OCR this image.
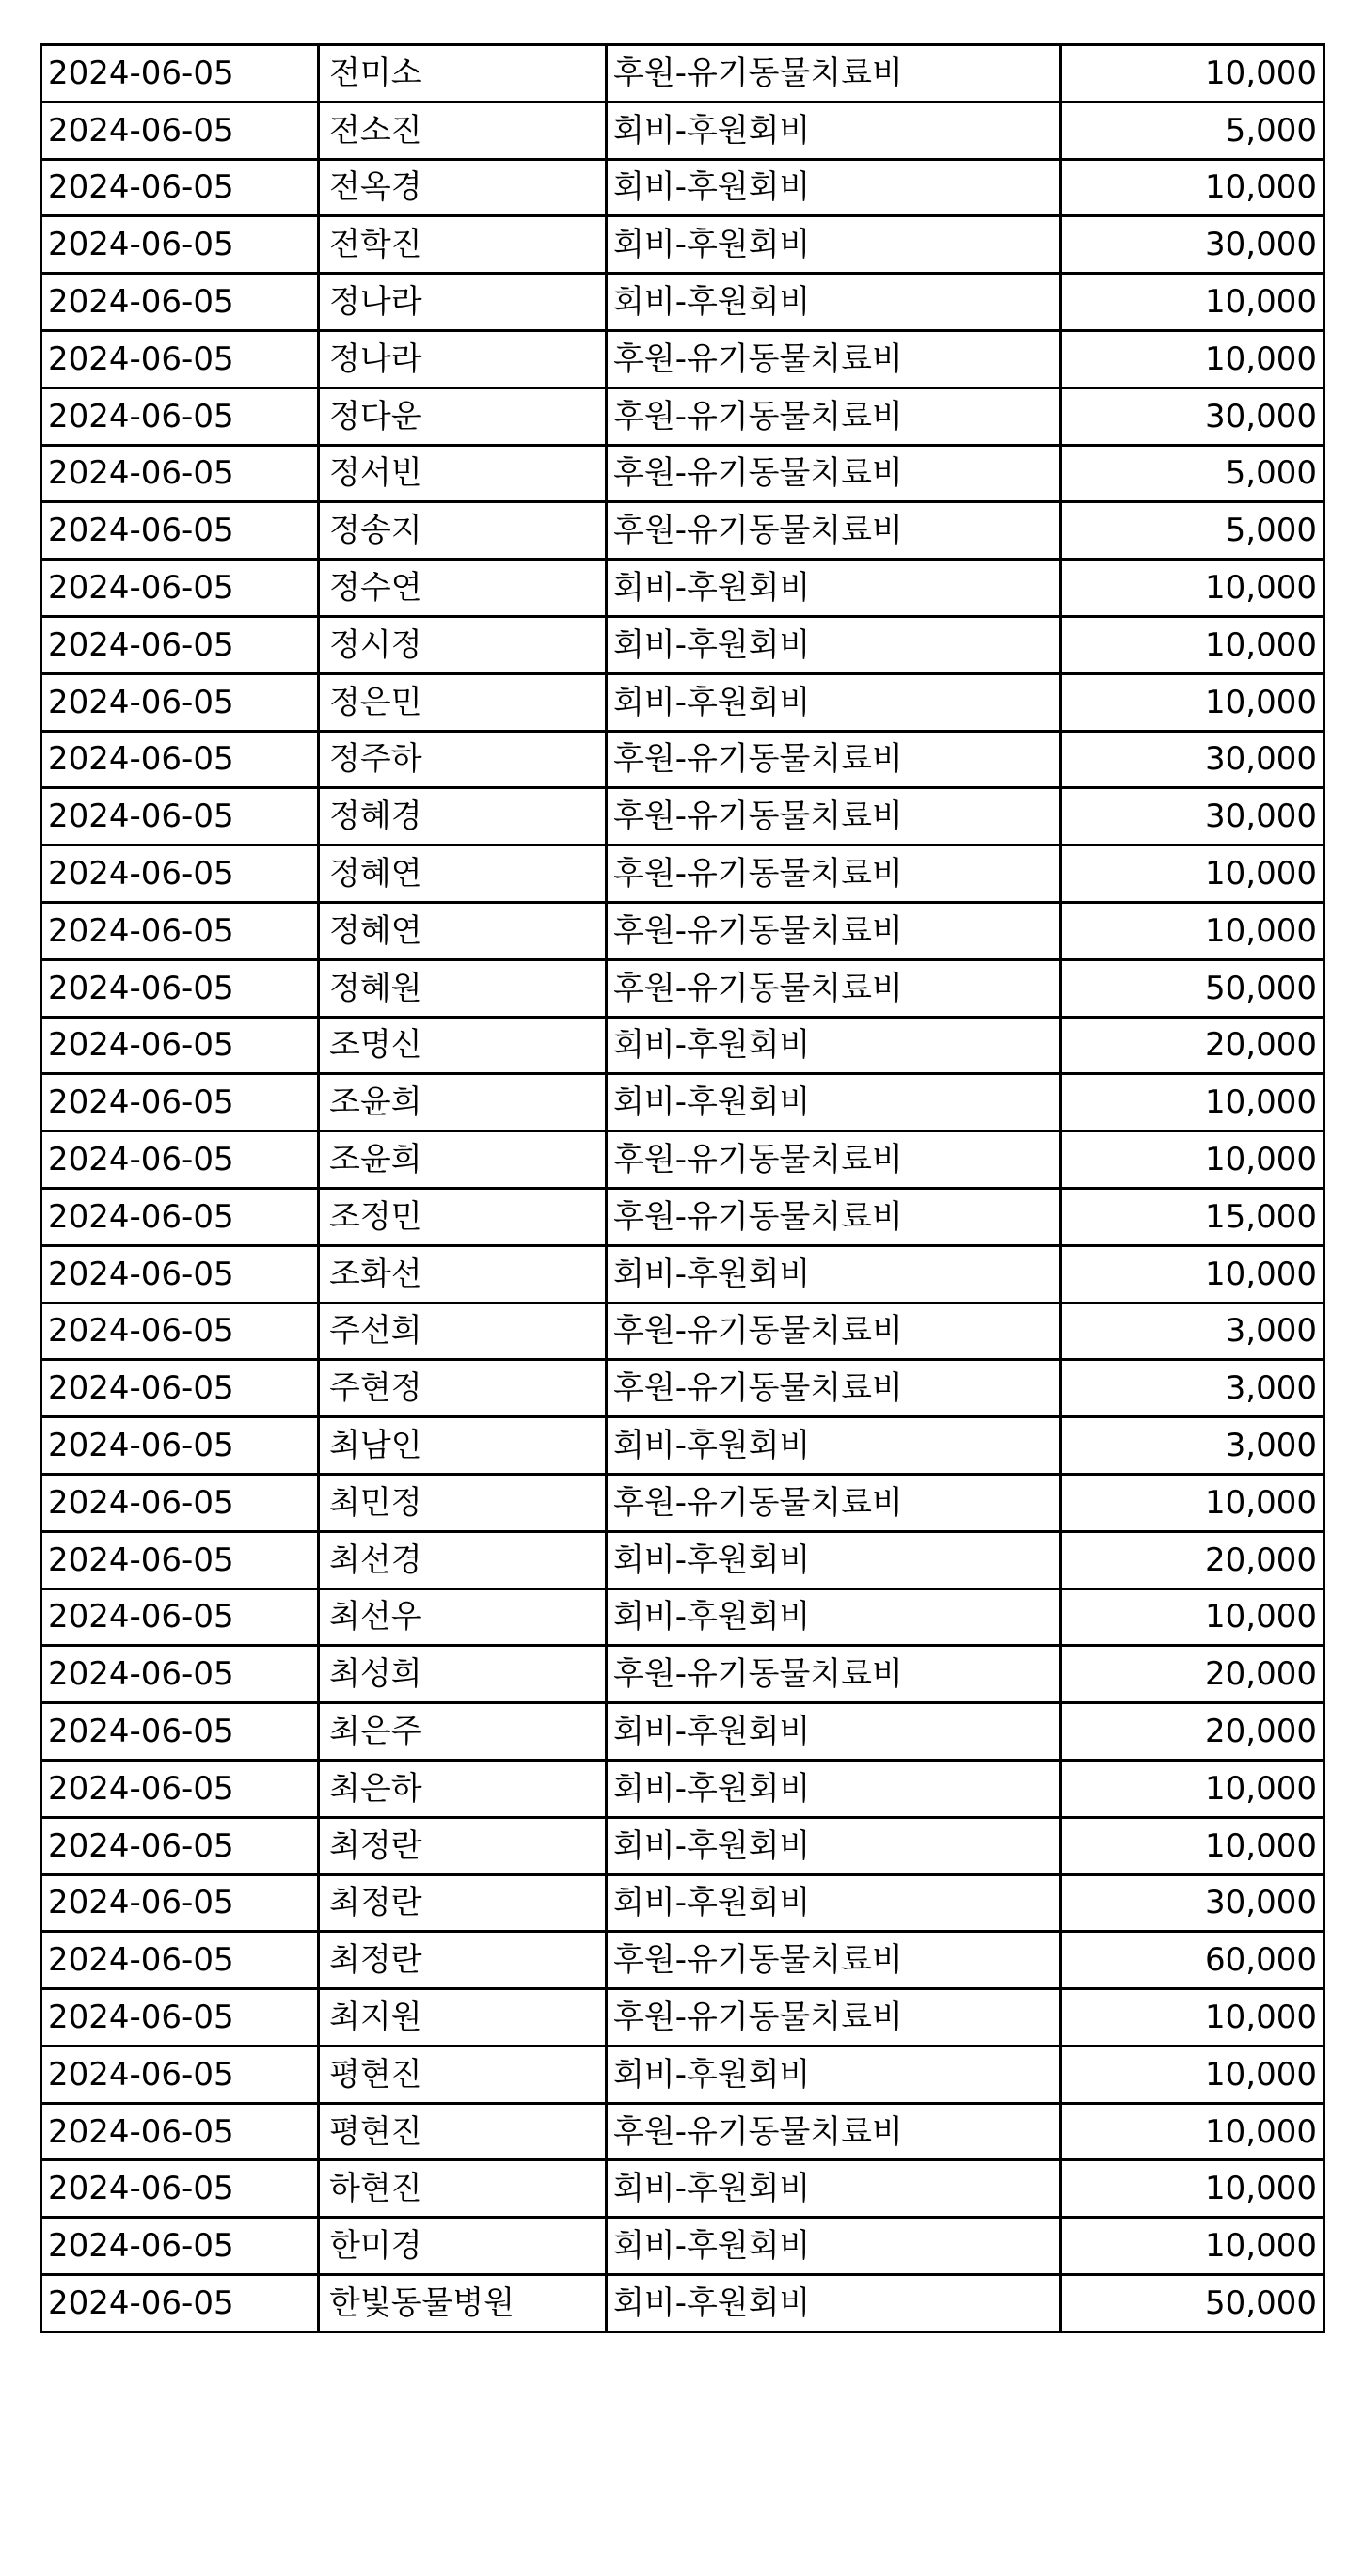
2024-06-05	전미소	후원-유기동물치료비	10,000
2024-06-05	전소진	회비-후원회비	5,000
2024-06-05	전옥경	회비-후원회비	10,000
2024-06-05	전학진	회비-후원회비	30,000
2024-06-05	정나라	회비-후원회비	10,000
2024-06-05	정나라	후원-유기동물치료비	10,000
2024-06-05	정다운	후원-유기동물치료비	30,000
2024-06-05	정서빈	후원-유기동물치료비	5,000
2024-06-05	정송지	후원-유기동물치료비	5,000
2024-06-05	정수연	회비-후원회비	10,000
2024-06-05	정시정	회비-후원회비	10,000
2024-06-05	정은민	회비-후원회비	10,000
2024-06-05	정주하	후원-유기동물치료비	30,000
2024-06-05	정혜경	후원-유기동물치료비	30,000
2024-06-05	정혜연	후원-유기동물치료비	10,000
2024-06-05	정혜연	후원-유기동물치료비	10,000
2024-06-05	정혜원	후원-유기동물치료비	50,000
2024-06-05	조명신	회비-후원회비	20,000
2024-06-05	조윤희	회비-후원회비	10,000
2024-06-05	조윤희	후원-유기동물치료비	10,000
2024-06-05	조정민	후원-유기동물치료비	15,000
2024-06-05	조화선	회비-후원회비	10,000
2024-06-05	주선희	후원-유기동물치료비	3,000
2024-06-05	주현정	후원-유기동물치료비	3,000
2024-06-05	최남인	회비-후원회비	3,000
2024-06-05	최민정	후원-유기동물치료비	10,000
2024-06-05	최선경	회비-후원회비	20,000
2024-06-05	최선우	회비-후원회비	10,000
2024-06-05	최성희	후원-유기동물치료비	20,000
2024-06-05	최은주	회비-후원회비	20,000
2024-06-05	최은하	회비-후원회비	10,000
2024-06-05	최정란	회비-후원회비	10,000
2024-06-05	최정란	회비-후원회비	30,000
2024-06-05	최정란	후원-유기동물치료비	60,000
2024-06-05	최지원	후원-유기동물치료비	10,000
2024-06-05	평현진	회비-후원회비	10,000
2024-06-05	평현진	후원-유기동물치료비	10,000
2024-06-05	하현진	회비-후원회비	10,000
2024-06-05	한미경	회비-후원회비	10,000
2024-06-05	한빛동물병원	회비-후원회비	50,000
